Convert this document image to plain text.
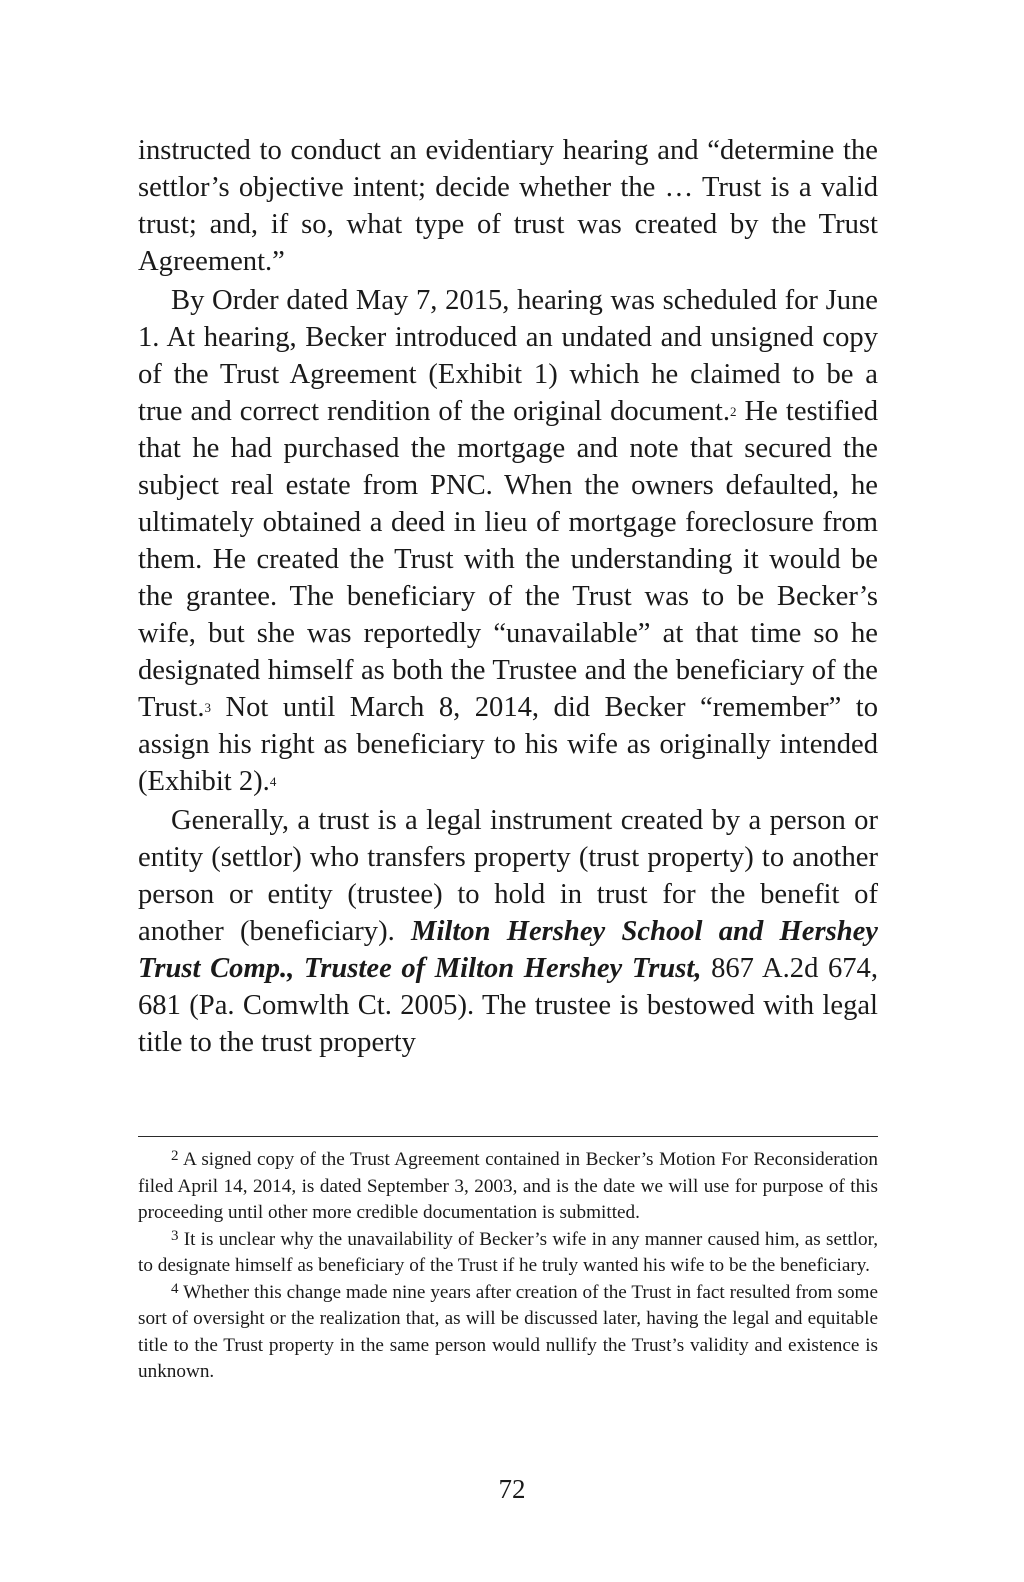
instructed to conduct an evidentiary hearing and “determine the settlor’s objective intent; decide whether the … Trust is a valid trust; and, if so, what type of trust was created by the Trust Agreement.”

By Order dated May 7, 2015, hearing was scheduled for June 1. At hearing, Becker introduced an undated and unsigned copy of the Trust Agreement (Exhibit 1) which he claimed to be a true and correct rendition of the original document.$^2$ He testified that he had purchased the mortgage and note that secured the subject real estate from PNC. When the owners defaulted, he ultimately obtained a deed in lieu of mortgage foreclosure from them. He created the Trust with the understanding it would be the grantee. The beneficiary of the Trust was to be Becker’s wife, but she was reportedly “unavailable” at that time so he designated himself as both the Trustee and the beneficiary of the Trust.$^3$ Not until March 8, 2014, did Becker “remember” to assign his right as beneficiary to his wife as originally intended (Exhibit 2).$^4$

Generally, a trust is a legal instrument created by a person or entity (settlor) who transfers property (trust property) to another person or entity (trustee) to hold in trust for the benefit of another (beneficiary). Milton Hershey School and Hershey Trust Comp., Trustee of Milton Hershey Trust, 867 A.2d 674, 681 (Pa. Comwlth Ct. 2005). The trustee is bestowed with legal title to the trust property

$^2$ A signed copy of the Trust Agreement contained in Becker’s Motion For Reconsideration filed April 14, 2014, is dated September 3, 2003, and is the date we will use for purpose of this proceeding until other more credible documentation is submitted.

$^3$ It is unclear why the unavailability of Becker’s wife in any manner caused him, as settlor, to designate himself as beneficiary of the Trust if he truly wanted his wife to be the beneficiary.

$^4$ Whether this change made nine years after creation of the Trust in fact resulted from some sort of oversight or the realization that, as will be discussed later, having the legal and equitable title to the Trust property in the same person would nullify the Trust’s validity and existence is unknown.

72
